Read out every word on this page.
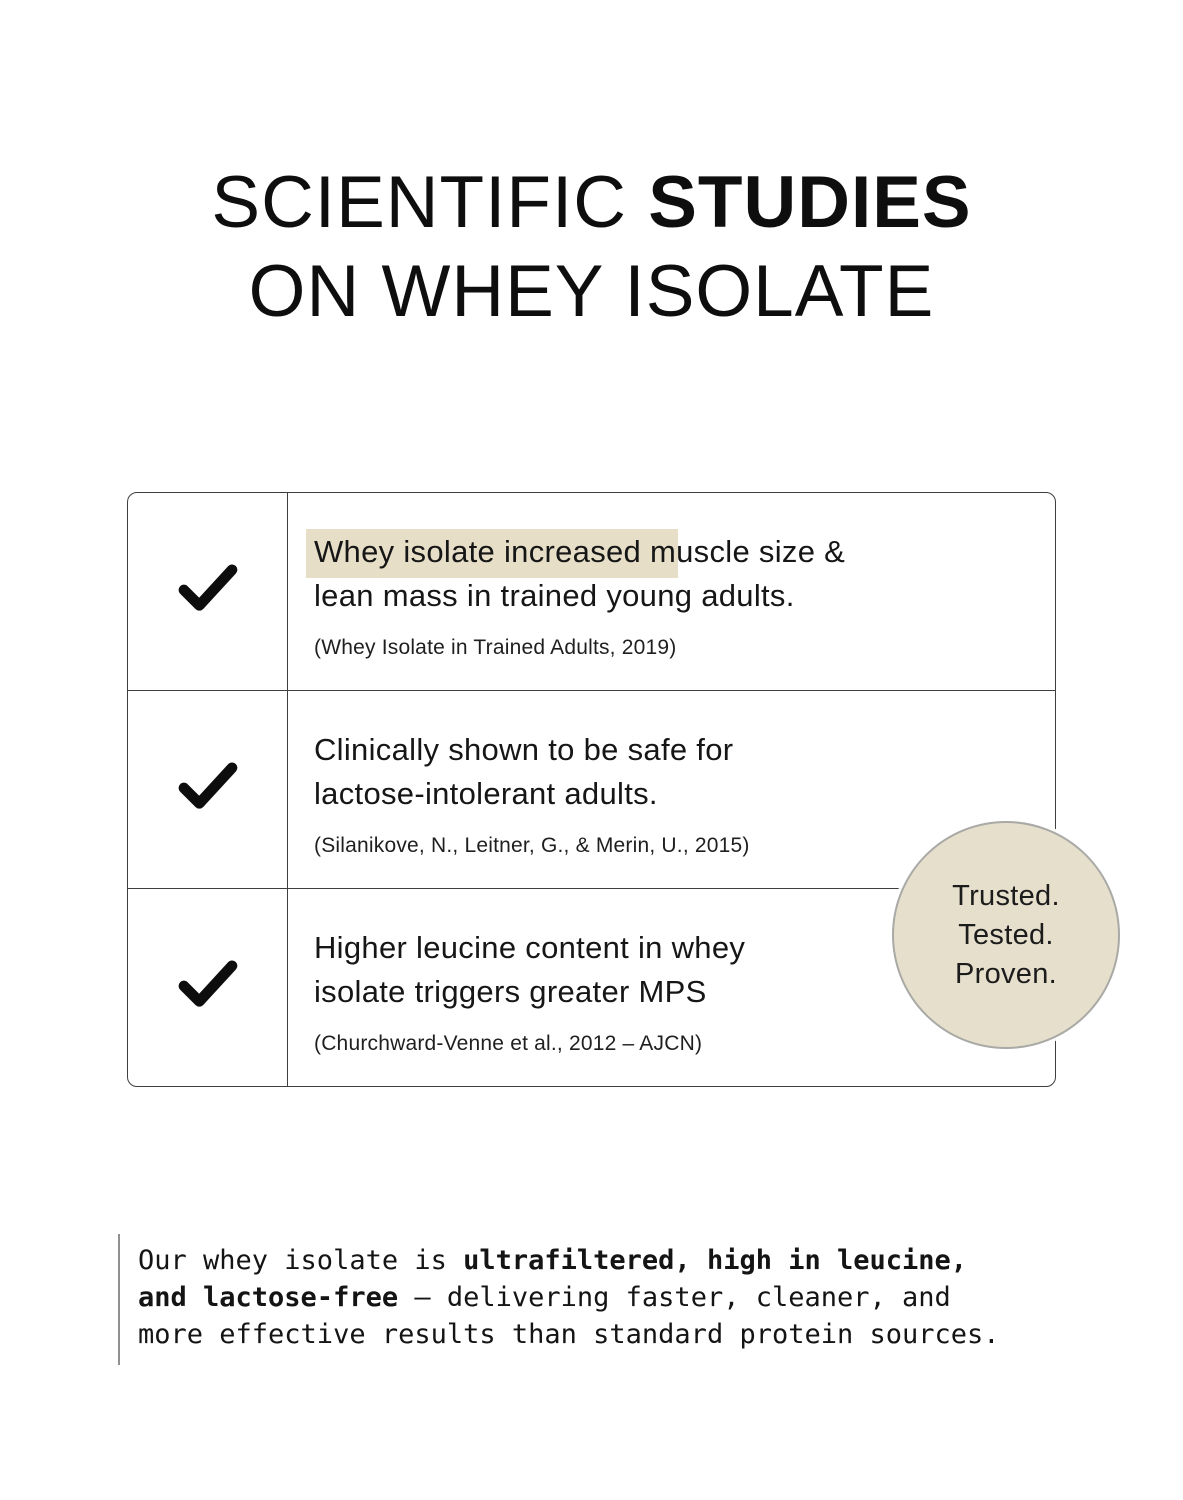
SCIENTIFIC STUDIES
ON WHEY ISOLATE
Whey isolate increased muscle size &
lean mass in trained young adults.
(Whey Isolate in Trained Adults, 2019)
Clinically shown to be safe for
lactose-intolerant adults.
(Silanikove, N., Leitner, G., & Merin, U., 2015)
Higher leucine content in whey
isolate triggers greater MPS
(Churchward-Venne et al., 2012 – AJCN)
Trusted.
Tested.
Proven.

Our whey isolate is ultrafiltered, high in leucine, and lactose-free — delivering faster, cleaner, and more effective results than standard protein sources.
